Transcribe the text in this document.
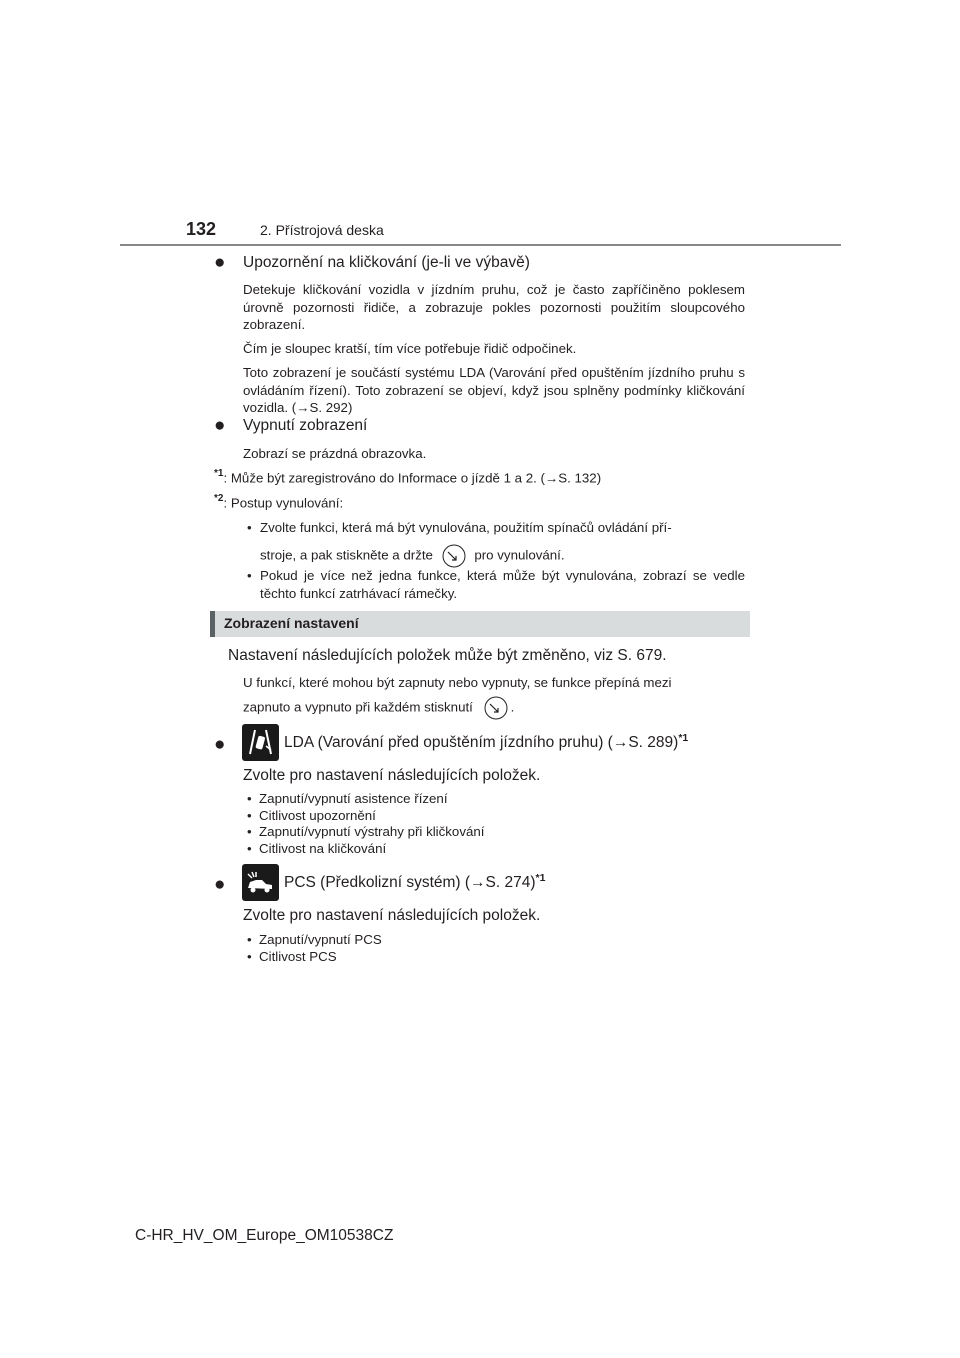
132	2. Přístrojová deska
● Upozornění na kličkování (je-li ve výbavě)
Detekuje kličkování vozidla v jízdním pruhu, což je často zapříčiněno poklesem úrovně pozornosti řidiče, a zobrazuje pokles pozornosti použitím sloupcového zobrazení.
Čím je sloupec kratší, tím více potřebuje řidič odpočinek.
Toto zobrazení je součástí systému LDA (Varování před opuštěním jízdního pruhu s ovládáním řízení). Toto zobrazení se objeví, když jsou splněny podmínky kličkování vozidla. (→S. 292)
● Vypnutí zobrazení
Zobrazí se prázdná obrazovka.
$^{*1}$: Může být zaregistrováno do Informace o jízdě 1 a 2. (→S. 132)
$^{*2}$: Postup vynulování:
• Zvolte funkci, která má být vynulována, použitím spínačů ovládání pří-
stroje, a pak stiskněte a držte	pro vynulování.
• Pokud je více než jedna funkce, která může být vynulována, zobrazí se vedle těchto funkcí zatrhávací rámečky.
Zobrazení nastavení
Nastavení následujících položek může být změněno, viz S. 679.
U funkcí, které mohou být zapnuty nebo vypnuty, se funkce přepíná mezi
zapnuto a vypnuto při každém stisknutí	.
●	LDA (Varování před opuštěním jízdního pruhu) (→S. 289)$^{*1}$
Zvolte pro nastavení následujících položek.
• Zapnutí/vypnutí asistence řízení
• Citlivost upozornění
• Zapnutí/vypnutí výstrahy při kličkování
• Citlivost na kličkování
●	PCS (Předkolizní systém) (→S. 274)$^{*1}$
Zvolte pro nastavení následujících položek.
• Zapnutí/vypnutí PCS
• Citlivost PCS
C-HR_HV_OM_Europe_OM10538CZ
